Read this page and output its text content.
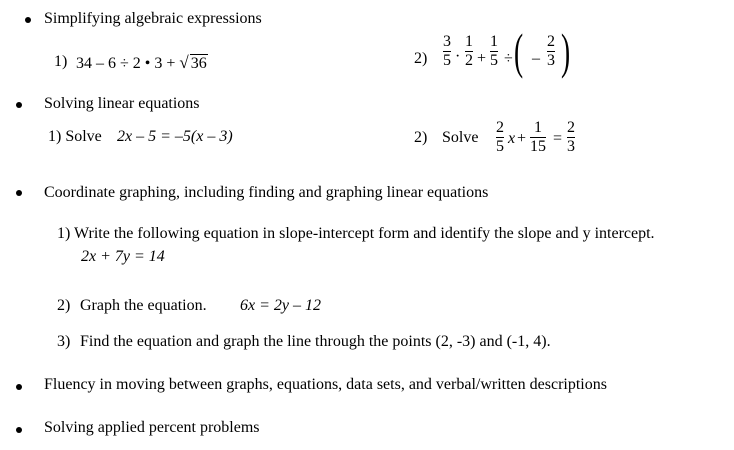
Simplifying algebraic expressions
1) 34 – 6 ÷ 2 • 3 + √ 36	2)
3
5 ·
1
2 +
1
5 ÷ ( –
2
3 )
Solving linear equations
1) Solve 2x – 5 = –5(x – 3)	2) Solve
2
5 x +
1
15 =
2
3
Coordinate graphing, including finding and graphing linear equations
1) Write the following equation in slope-intercept form and identify the slope and y intercept.
2x + 7y = 14
2) Graph the equation. 6x = 2y – 12
3) Find the equation and graph the line through the points (2, -3) and (-1, 4).
Fluency in moving between graphs, equations, data sets, and verbal/written descriptions
Solving applied percent problems
